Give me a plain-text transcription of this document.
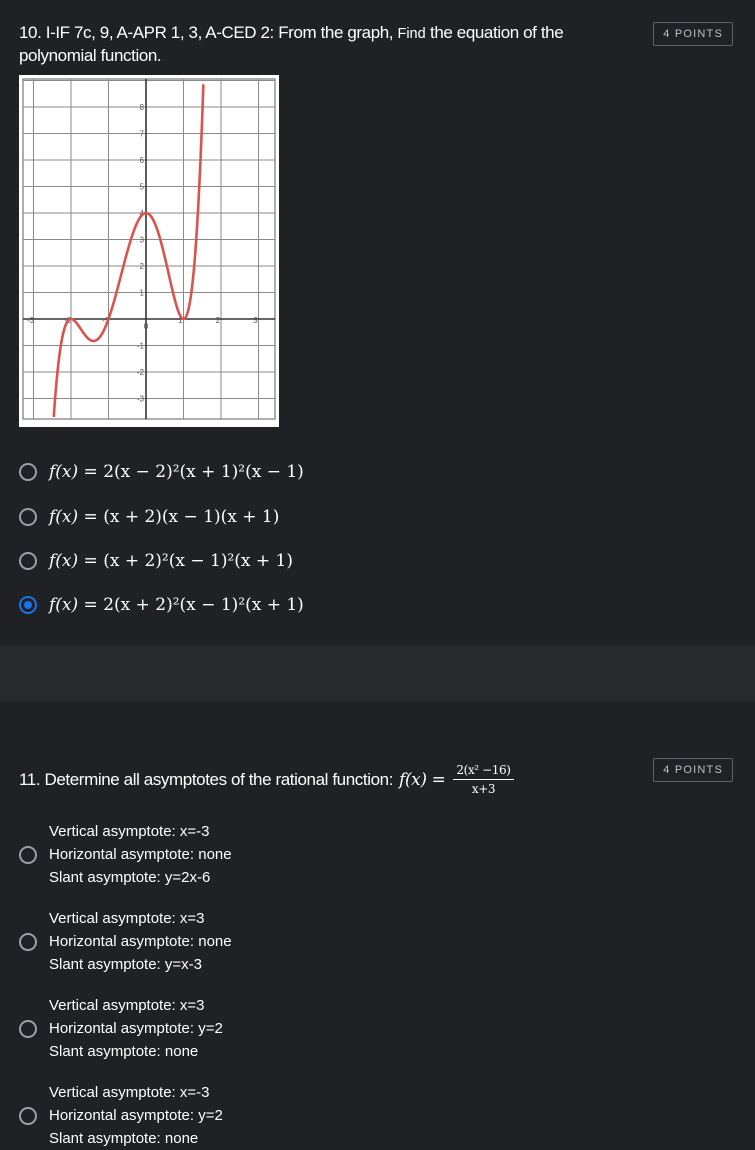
10. I-IF 7c, 9, A-APR 1, 3, A-CED 2: From the graph, Find the equation of the polynomial function.
4 POINTS
-3	-2	-1
0
1	2	3
8
7
6
5
4
3
2
1
-1
-2
-3
f(x) = 2(x − 2)²(x + 1)²(x − 1)
f(x) = (x + 2)(x − 1)(x + 1)
f(x) = (x + 2)²(x − 1)²(x + 1)
f(x) = 2(x + 2)²(x − 1)²(x + 1)
11. Determine all asymptotes of the rational function: $f(x) = \frac{\text{2(x² −16)}}{x+3}$	4 POINTS
Vertical asymptote: x=-3
Horizontal asymptote: none
Slant asymptote: y=2x-6
Vertical asymptote: x=3
Horizontal asymptote: none
Slant asymptote: y=x-3
Vertical asymptote: x=3
Horizontal asymptote: y=2
Slant asymptote: none
Vertical asymptote: x=-3
Horizontal asymptote: y=2
Slant asymptote: none
